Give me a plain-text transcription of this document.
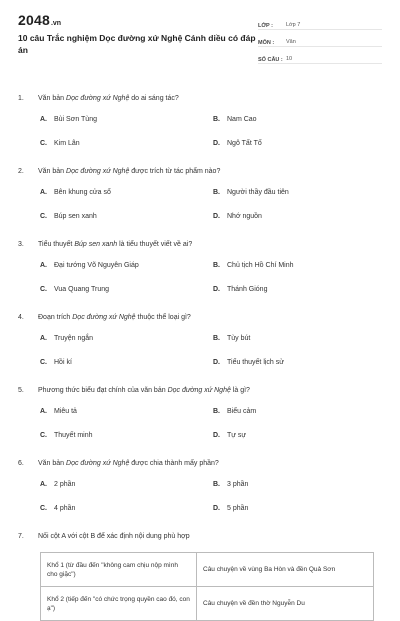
2048 .vn
10 câu Trắc nghiệm Dọc đường xứ Nghệ Cánh diều có đáp án
LỚP :	Lớp 7
MÔN :	Văn
SỐ CÂU : 10
1.	Văn bản Dọc đường xứ Nghệ do ai sáng tác?
A.	Bùi Sơn Tùng	B.	Nam Cao
C.	Kim Lân	D.	Ngô Tất Tố
2.	Văn bản Dọc đường xứ Nghệ được trích từ tác phẩm nào?
A.	Bên khung cửa sổ	B.	Người thầy đầu tiên
C.	Búp sen xanh	D.	Nhớ nguồn
3.	Tiểu thuyết Búp sen xanh là tiểu thuyết viết về ai?
A.	Đại tướng Võ Nguyên Giáp	B.	Chủ tịch Hồ Chí Minh
C.	Vua Quang Trung	D.	Thánh Gióng
4.	Đoạn trích Dọc đường xứ Nghệ thuộc thể loại gì?
A.	Truyện ngắn	B.	Tùy bút
C.	Hồi kí	D.	Tiểu thuyết lịch sử
5.	Phương thức biểu đạt chính của văn bản Dọc đường xứ Nghệ là gì?
A.	Miêu tả	B.	Biểu cảm
C.	Thuyết minh	D.	Tự sự
6.	Văn bản Dọc đường xứ Nghệ được chia thành mấy phần?
A.	2 phần	B.	3 phần
C.	4 phần	D.	5 phần
7.	Nối cột A với cột B để xác định nội dung phù hợp
Khổ 1 (từ đầu đến "không cam chịu nộp mình cho giặc")	Câu chuyện về vùng Ba Hòn và đền Quả Sơn
Khổ 2 (tiếp đến "có chức trọng quyền cao đó, con ạ")	Câu chuyện về đền thờ Nguyễn Du
